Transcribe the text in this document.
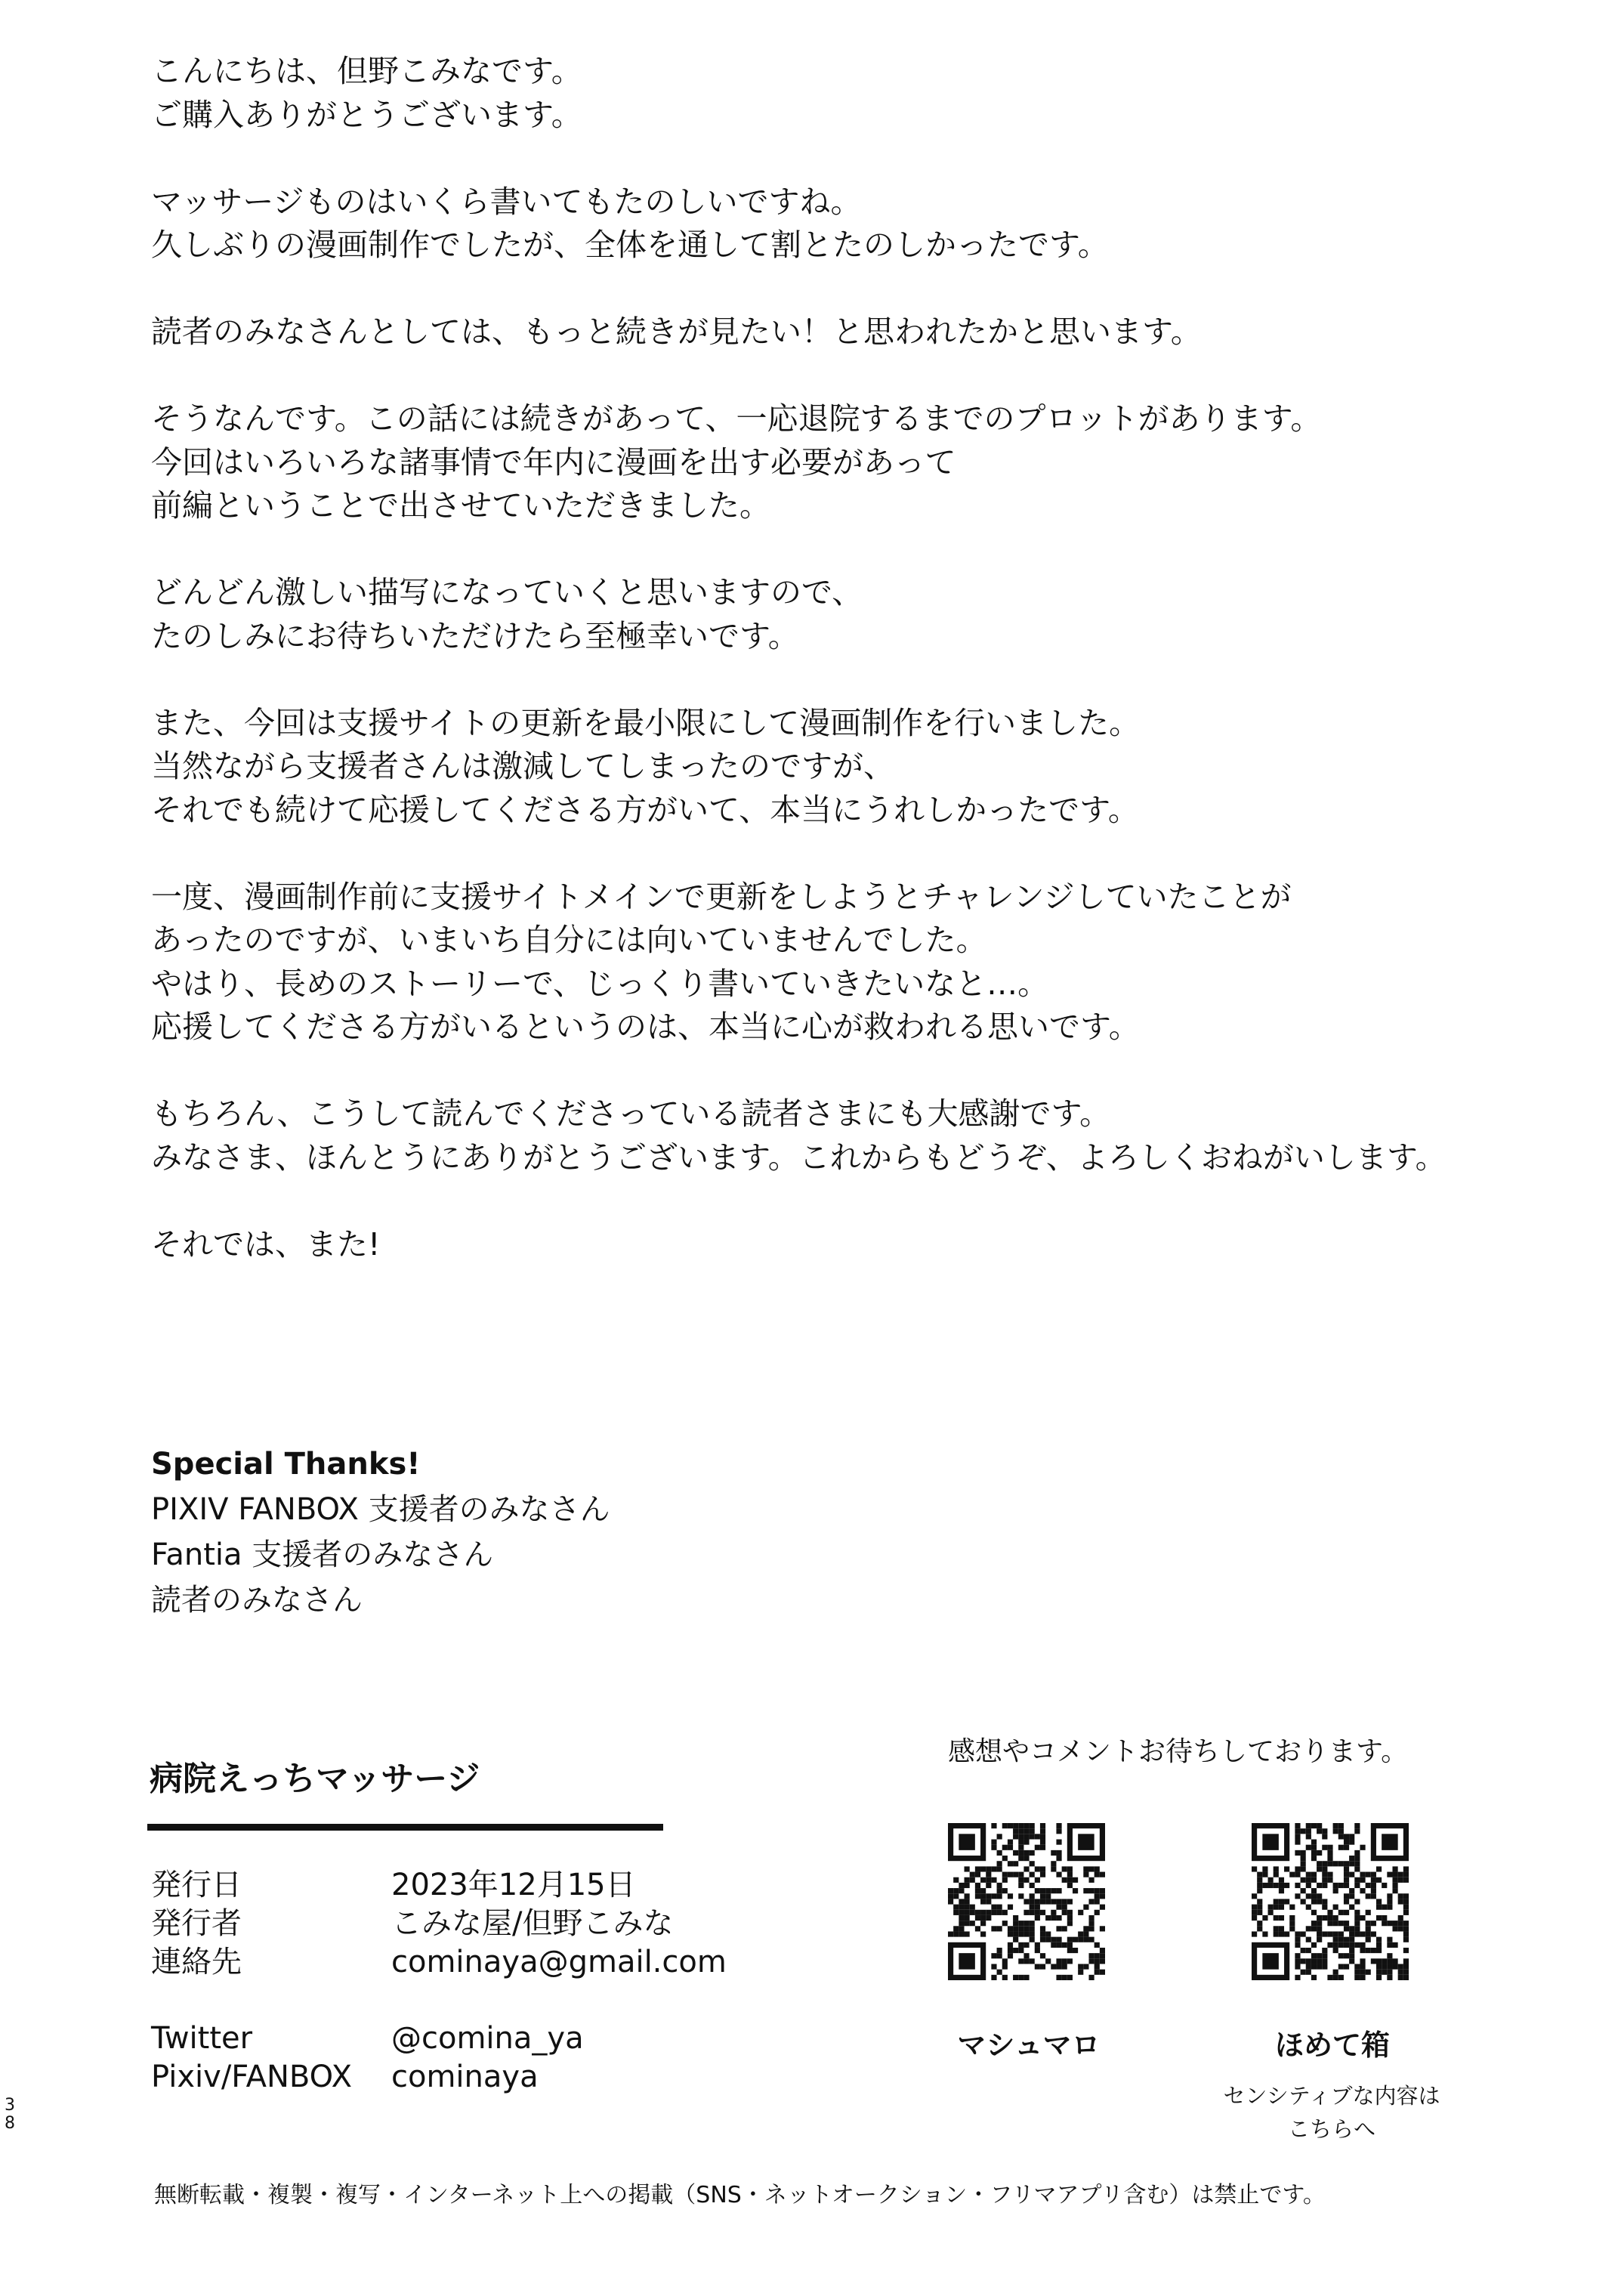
こんにちは、但野こみなです。

ご購入ありがとうございます。

マッサージものはいくら書いてもたのしいですね。

久しぶりの漫画制作でしたが、全体を通して割とたのしかったです。

読者のみなさんとしては、もっと続きが見たい！と思われたかと思います。

そうなんです。この話には続きがあって、一応退院するまでのプロットがあります。

今回はいろいろな諸事情で年内に漫画を出す必要があって

前編ということで出させていただきました。

どんどん激しい描写になっていくと思いますので、

たのしみにお待ちいただけたら至極幸いです。

また、今回は支援サイトの更新を最小限にして漫画制作を行いました。

当然ながら支援者さんは激減してしまったのですが、

それでも続けて応援してくださる方がいて、本当にうれしかったです。

一度、漫画制作前に支援サイトメインで更新をしようとチャレンジしていたことが

あったのですが、いまいち自分には向いていませんでした。

やはり、長めのストーリーで、じっくり書いていきたいなと…。

応援してくださる方がいるというのは、本当に心が救われる思いです。

もちろん、こうして読んでくださっている読者さまにも大感謝です。

みなさま、ほんとうにありがとうございます。これからもどうぞ、よろしくおねがいします。

それでは、また!

Special Thanks!

PIXIV FANBOX 支援者のみなさん

Fantia 支援者のみなさん

読者のみなさん

病院えっちマッサージ

発行日	2023年12月15日
発行者	こみな屋/但野こみな
連絡先	cominaya@gmail.com
Twitter	@comina_ya
Pixiv/FANBOX	cominaya
3
8
感想やコメントお待ちしております。
マシュマロ	ほめて箱
センシティブな内容は
こちらへ
無断転載・複製・複写・インターネット上への掲載（SNS・ネットオークション・フリマアプリ含む）は禁止です。
